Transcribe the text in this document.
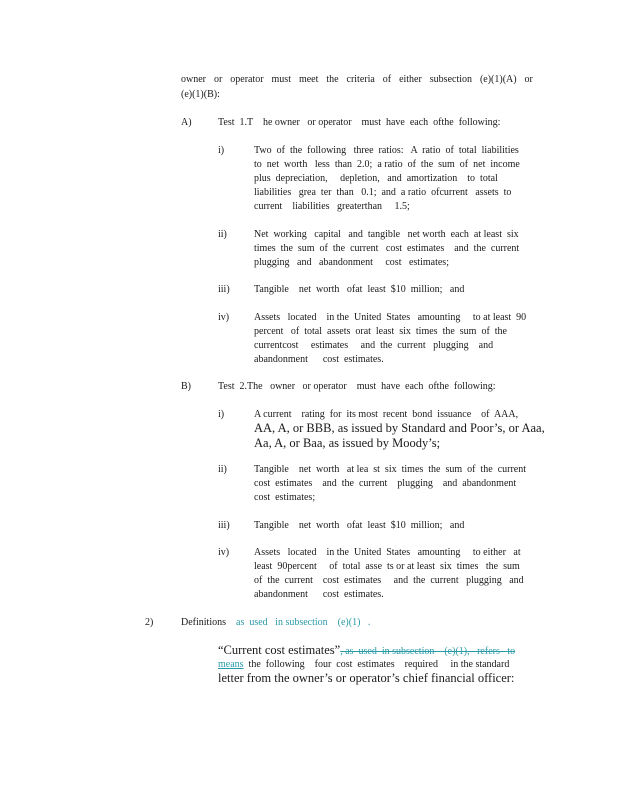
owner or operator must meet the criteria of either subsection (e)(1)(A) or
(e)(1)(B):
A)	Test  1.T    he owner   or operator    must  have  each  ofthe  following:
i)	Two  of  the  following   three  ratios:   A  ratio  of  total  liabilities
to  net  worth   less  than  2.0;  a ratio  of  the  sum  of  net  income
plus  depreciation,     depletion,   and  amortization    to  total
liabilities   grea  ter  than   0.1;  and  a ratio  ofcurrent   assets  to
current    liabilities   greaterthan     1.5;
ii)	Net  working   capital   and  tangible   net worth  each  at least  six
times  the  sum  of  the  current   cost  estimates    and  the  current
plugging   and   abandonment     cost   estimates;
iii) Tangible    net  worth   ofat  least  $10  million;   and
iv) Assets   located    in the  United  States   amounting     to at least  90
percent   of  total  assets  orat  least  six  times  the  sum  of  the
currentcost     estimates     and  the  current   plugging    and
abandonment      cost  estimates.
B)	Test  2.The   owner   or operator    must  have  each  ofthe  following:
i)	A current    rating  for  its most  recent  bond  issuance    of  AAA,
AA, A, or BBB, as issued by Standard and Poor’s, or Aaa,
Aa, A, or Baa, as issued by Moody’s;
ii)	Tangible    net  worth   at lea  st  six  times  the  sum  of  the  current
cost  estimates    and  the  current    plugging    and  abandonment
cost  estimates;
iii) Tangible    net  worth   ofat  least  $10  million;   and
iv) Assets   located    in the  United  States   amounting     to either   at
least  90percent     of  total  asse  ts or at least  six  times   the  sum
of  the  current    cost  estimates     and  the  current   plugging   and
abandonment      cost  estimates.
2)	Definitions as  used   in subsection    (e)(1)   .
“Current cost estimates”, as  used  in subsection    (e)(1),   refers   to
means  the  following    four  cost  estimates    required     in the standard
letter from the owner’s or operator’s chief financial officer:
